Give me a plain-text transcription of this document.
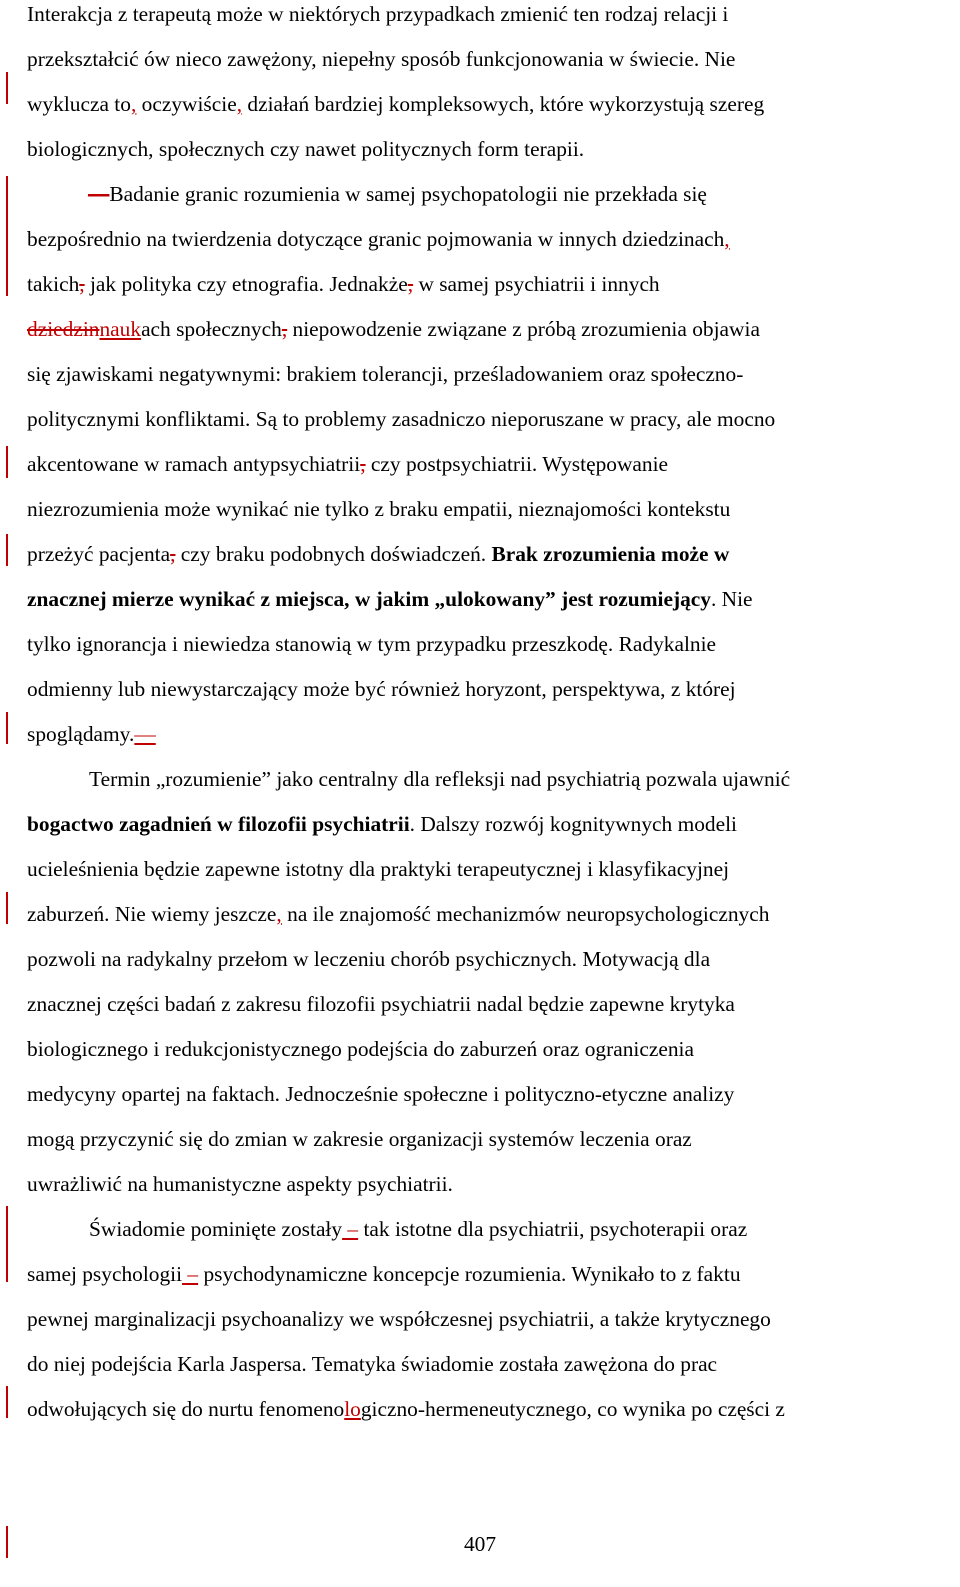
Interakcja z terapeutą może w niektórych przypadkach zmienić ten rodzaj relacji i
przekształcić ów nieco zawężony, niepełny sposób funkcjonowania w świecie. Nie
wyklucza to, oczywiście, działań bardziej kompleksowych, które wykorzystują szereg
biologicznych, społecznych czy nawet politycznych form terapii.
—Badanie granic rozumienia w samej psychopatologii nie przekłada się
bezpośrednio na twierdzenia dotyczące granic pojmowania w innych dziedzinach,
takich, jak polityka czy etnografia. Jednakże, w samej psychiatrii i innych
dziedzinnaukach społecznych, niepowodzenie związane z próbą zrozumienia objawia
się zjawiskami negatywnymi: brakiem tolerancji, prześladowaniem oraz społeczno-
politycznymi konfliktami. Są to problemy zasadniczo nieporuszane w pracy, ale mocno
akcentowane w ramach antypsychiatrii, czy postpsychiatrii. Występowanie
niezrozumienia może wynikać nie tylko z braku empatii, nieznajomości kontekstu
przeżyć pacjenta, czy braku podobnych doświadczeń. Brak zrozumienia może w
znacznej mierze wynikać z miejsca, w jakim „ulokowany” jest rozumiejący. Nie
tylko ignorancja i niewiedza stanowią w tym przypadku przeszkodę. Radykalnie
odmienny lub niewystarczający może być również horyzont, perspektywa, z której
spoglądamy.—
Termin „rozumienie” jako centralny dla refleksji nad psychiatrią pozwala ujawnić
bogactwo zagadnień w filozofii psychiatrii. Dalszy rozwój kognitywnych modeli
ucieleśnienia będzie zapewne istotny dla praktyki terapeutycznej i klasyfikacyjnej
zaburzeń. Nie wiemy jeszcze, na ile znajomość mechanizmów neuropsychologicznych
pozwoli na radykalny przełom w leczeniu chorób psychicznych. Motywacją dla
znacznej części badań z zakresu filozofii psychiatrii nadal będzie zapewne krytyka
biologicznego i redukcjonistycznego podejścia do zaburzeń oraz ograniczenia
medycyny opartej na faktach. Jednocześnie społeczne i polityczno-etyczne analizy
mogą przyczynić się do zmian w zakresie organizacji systemów leczenia oraz
uwrażliwić na humanistyczne aspekty psychiatrii.
Świadomie pominięte zostały – tak istotne dla psychiatrii, psychoterapii oraz
samej psychologii – psychodynamiczne koncepcje rozumienia. Wynikało to z faktu
pewnej marginalizacji psychoanalizy we współczesnej psychiatrii, a także krytycznego
do niej podejścia Karla Jaspersa. Tematyka świadomie została zawężona do prac
odwołujących się do nurtu fenomenologiczno-hermeneutycznego, co wynika po części z
407
